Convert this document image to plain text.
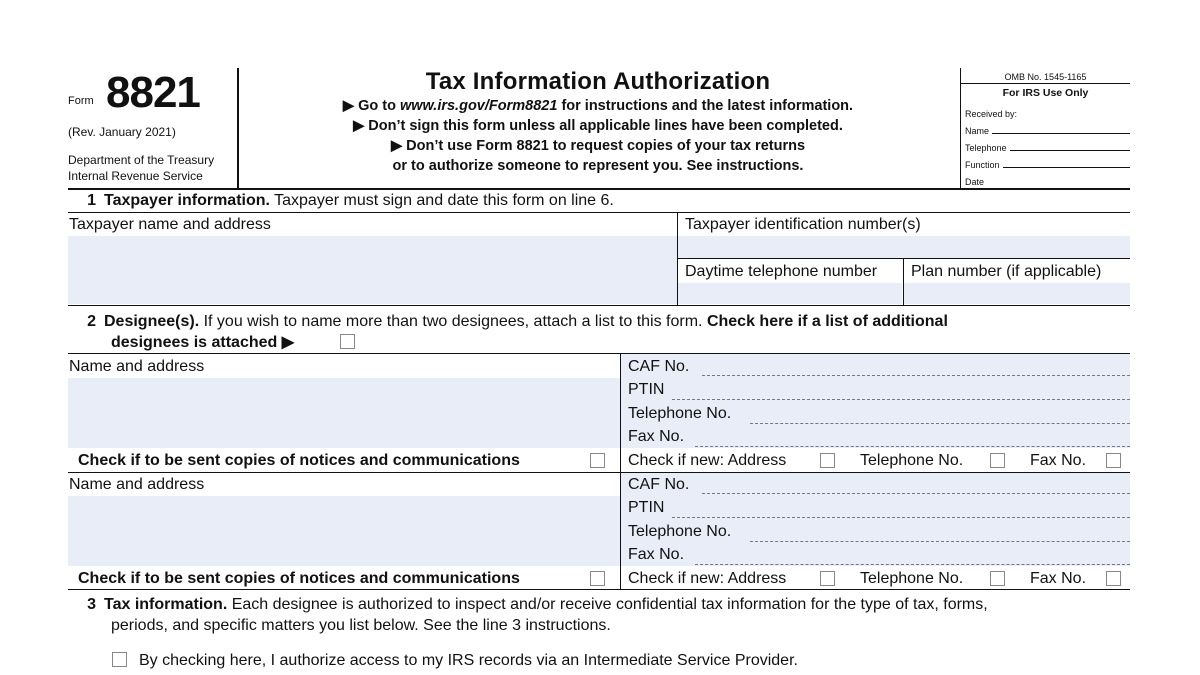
Form 8821
(Rev. January 2021)
Department of the Treasury
Internal Revenue Service
Tax Information Authorization
▶ Go to www.irs.gov/Form8821 for instructions and the latest information.
▶ Don’t sign this form unless all applicable lines have been completed.
▶ Don’t use Form 8821 to request copies of your tax returns
or to authorize someone to represent you. See instructions.
OMB No. 1545-1165
For IRS Use Only
Received by:
Name
Telephone
Function
Date
1 Taxpayer information. Taxpayer must sign and date this form on line 6.
Taxpayer name and address	Taxpayer identification number(s)
Daytime telephone number Plan number (if applicable)
2 Designee(s). If you wish to name more than two designees, attach a list to this form. Check here if a list of additional
designees is attached ▶
Name and address	CAF No.
PTIN
Telephone No.
Fax No.
Check if to be sent copies of notices and communications	Check if new: Address	Telephone No.	Fax No.
Name and address	CAF No.
PTIN
Telephone No.
Fax No.
Check if to be sent copies of notices and communications	Check if new: Address	Telephone No.	Fax No.
3 Tax information. Each designee is authorized to inspect and/or receive confidential tax information for the type of tax, forms,
periods, and specific matters you list below. See the line 3 instructions.
By checking here, I authorize access to my IRS records via an Intermediate Service Provider.
